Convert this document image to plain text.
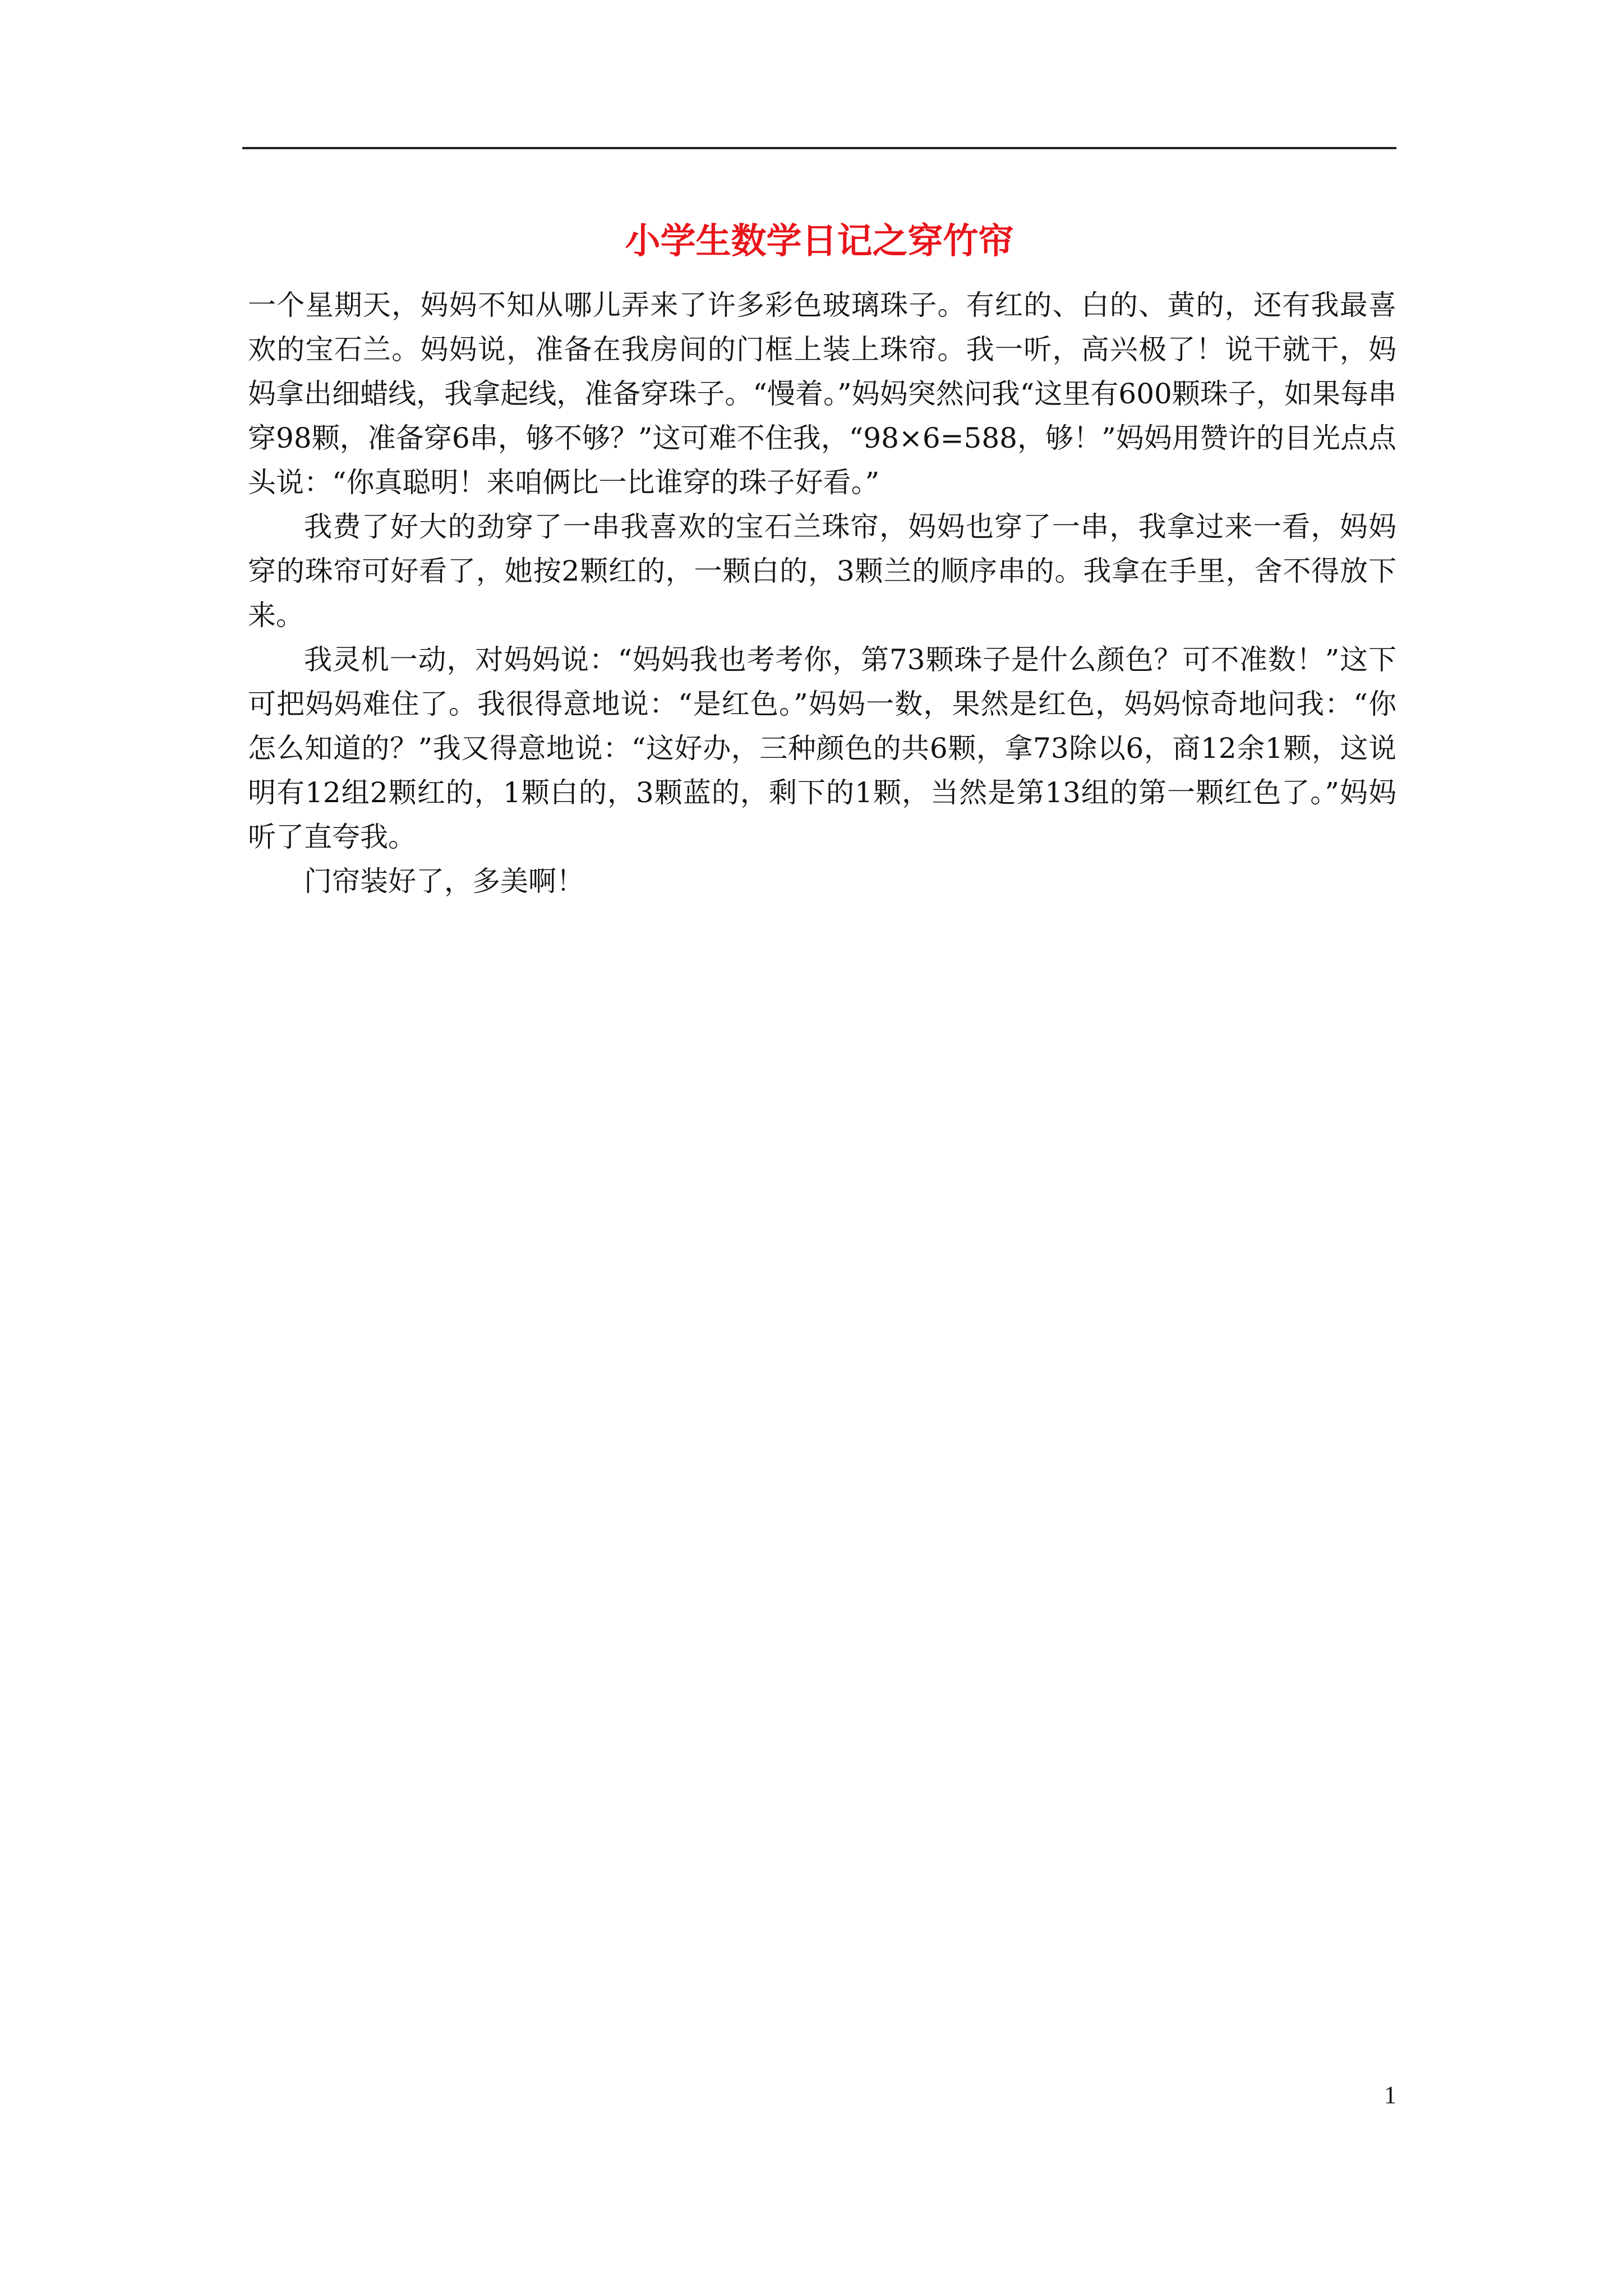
小学生数学日记之穿竹帘

一个星期天，妈妈不知从哪儿弄来了许多彩色玻璃珠子。有红的、白的、黄的，还有我最喜欢的宝石兰。妈妈说，准备在我房间的门框上装上珠帘。我一听，高兴极了！说干就干，妈妈拿出细蜡线，我拿起线，准备穿珠子。“慢着。”妈妈突然问我“这里有600颗珠子，如果每串穿98颗，准备穿6串，够不够？”这可难不住我，“98×6=588，够！”妈妈用赞许的目光点点头说：“你真聪明！来咱俩比一比谁穿的珠子好看。”

我费了好大的劲穿了一串我喜欢的宝石兰珠帘，妈妈也穿了一串，我拿过来一看，妈妈穿的珠帘可好看了，她按2颗红的，一颗白的，3颗兰的顺序串的。我拿在手里，舍不得放下来。

我灵机一动，对妈妈说：“妈妈我也考考你，第73颗珠子是什么颜色？可不准数！”这下可把妈妈难住了。我很得意地说：“是红色。”妈妈一数，果然是红色，妈妈惊奇地问我：“你怎么知道的？”我又得意地说：“这好办，三种颜色的共6颗，拿73除以6，商12余1颗，这说明有12组2颗红的，1颗白的，3颗蓝的，剩下的1颗，当然是第13组的第一颗红色了。”妈妈听了直夸我。

门帘装好了，多美啊！

1
